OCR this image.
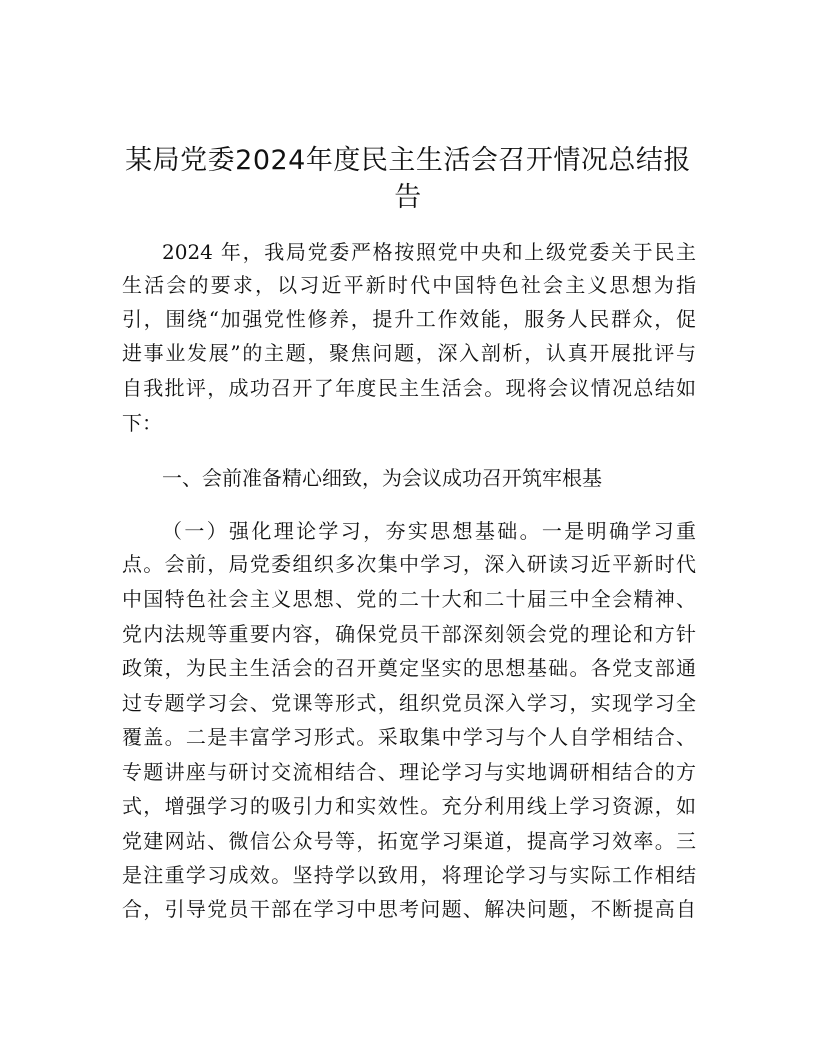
某局党委2024年度民主生活会召开情况总结报
告
2024 年，我局党委严格按照党中央和上级党委关于民主
生活会的要求，以习近平新时代中国特色社会主义思想为指
引，围绕“加强党性修养，提升工作效能，服务人民群众，促
进事业发展”的主题，聚焦问题，深入剖析，认真开展批评与
自我批评，成功召开了年度民主生活会。现将会议情况总结如
下：
一、会前准备精心细致，为会议成功召开筑牢根基
（一）强化理论学习，夯实思想基础。一是明确学习重
点。会前，局党委组织多次集中学习，深入研读习近平新时代
中国特色社会主义思想、党的二十大和二十届三中全会精神、
党内法规等重要内容，确保党员干部深刻领会党的理论和方针
政策，为民主生活会的召开奠定坚实的思想基础。各党支部通
过专题学习会、党课等形式，组织党员深入学习，实现学习全
覆盖。二是丰富学习形式。采取集中学习与个人自学相结合、
专题讲座与研讨交流相结合、理论学习与实地调研相结合的方
式，增强学习的吸引力和实效性。充分利用线上学习资源，如
党建网站、微信公众号等，拓宽学习渠道，提高学习效率。三
是注重学习成效。坚持学以致用，将理论学习与实际工作相结
合，引导党员干部在学习中思考问题、解决问题，不断提高自
